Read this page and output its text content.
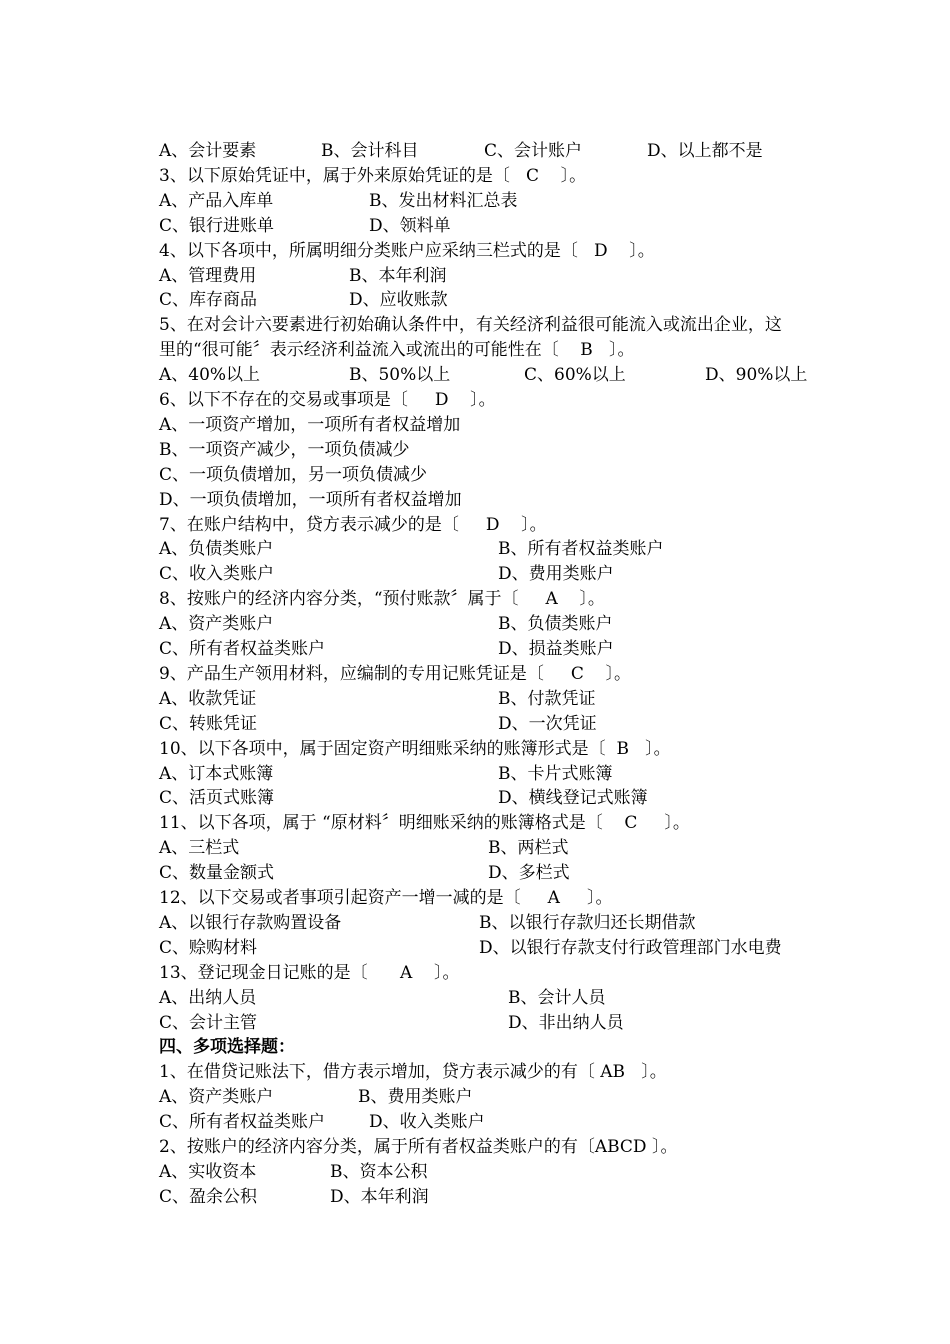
A、会计要素	B、会计科目	C、会计账户	D、以上都不是
3、以下原始凭证中，属于外来原始凭证的是〔   C    〕。
A、产品入库单	B、发出材料汇总表
C、银行进账单	D、领料单
4、以下各项中，所属明细分类账户应采纳三栏式的是〔   D    〕。
A、管理费用	B、本年利润
C、库存商品	D、应收账款
5、在对会计六要素进行初始确认条件中，有关经济利益很可能流入或流出企业，这
里的“很可能〞表示经济利益流入或流出的可能性在〔    B   〕。
A、40%以上	B、50%以上	C、60%以上	D、90%以上
6、以下不存在的交易或事项是〔     D    〕。
A、一项资产增加，一项所有者权益增加
B、一项资产减少，一项负债减少
C、一项负债增加，另一项负债减少
D、一项负债增加，一项所有者权益增加
7、在账户结构中，贷方表示减少的是〔     D    〕。
A、负债类账户	B、所有者权益类账户
C、收入类账户	D、费用类账户
8、按账户的经济内容分类，“预付账款〞属于〔     A    〕。
A、资产类账户	B、负债类账户
C、所有者权益类账户	D、损益类账户
9、产品生产领用材料，应编制的专用记账凭证是〔     C    〕。
A、收款凭证	B、付款凭证
C、转账凭证	D、一次凭证
10、以下各项中，属于固定资产明细账采纳的账簿形式是〔  B   〕。
A、订本式账簿	B、卡片式账簿
C、活页式账簿	D、横线登记式账簿
11、以下各项，属于 “原材料〞明细账采纳的账簿格式是〔    C     〕。
A、三栏式	B、两栏式
C、数量金额式	D、多栏式
12、以下交易或者事项引起资产一增一减的是〔     A     〕。
A、以银行存款购置设备	B、以银行存款归还长期借款
C、赊购材料	D、以银行存款支付行政管理部门水电费
13、登记现金日记账的是〔      A    〕。
A、出纳人员	B、会计人员
C、会计主管	D、非出纳人员
四、多项选择题：
1、在借贷记账法下，借方表示增加，贷方表示减少的有〔 AB   〕。
A、资产类账户	B、费用类账户
C、所有者权益类账户	D、收入类账户
2、按账户的经济内容分类，属于所有者权益类账户的有〔ABCD 〕。
A、实收资本	B、资本公积
C、盈余公积	D、本年利润
